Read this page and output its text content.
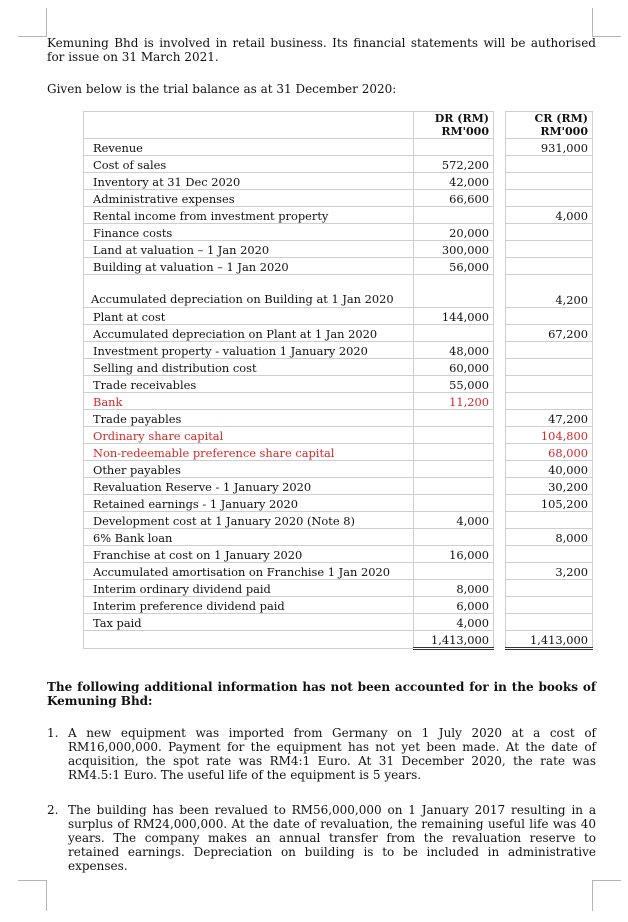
Kemuning Bhd is involved in retail business. Its financial statements will be authorised for issue on 31 March 2021.
Given below is the trial balance as at 31 December 2020:
	DR (RM)
RM'000		CR (RM)
RM'000
Revenue			931,000
Cost of sales	572,200		
Inventory at 31 Dec 2020	42,000		
Administrative expenses	66,600		
Rental income from investment property			4,000
Finance costs	20,000		
Land at valuation – 1 Jan 2020	300,000		
Building at valuation – 1 Jan 2020	56,000		
Accumulated depreciation on Building at 1 Jan 2020			4,200
Plant at cost	144,000		
Accumulated depreciation on Plant at 1 Jan 2020			67,200
Investment property - valuation 1 January 2020	48,000		
Selling and distribution cost	60,000		
Trade receivables	55,000		
Bank	11,200		
Trade payables			47,200
Ordinary share capital			104,800
Non-redeemable preference share capital			68,000
Other payables			40,000
Revaluation Reserve - 1 January 2020			30,200
Retained earnings - 1 January 2020			105,200
Development cost at 1 January 2020 (Note 8)	4,000		
6% Bank loan			8,000
Franchise at cost on 1 January 2020	16,000		
Accumulated amortisation on Franchise 1 Jan 2020			3,200
Interim ordinary dividend paid	8,000		
Interim preference dividend paid	6,000		
Tax paid	4,000		
	1,413,000		1,413,000
The following additional information has not been accounted for in the books of Kemuning Bhd:
1. A new equipment was imported from Germany on 1 July 2020 at a cost of RM16,000,000. Payment for the equipment has not yet been made. At the date of acquisition, the spot rate was RM4:1 Euro. At 31 December 2020, the rate was RM4.5:1 Euro. The useful life of the equipment is 5 years.
2. The building has been revalued to RM56,000,000 on 1 January 2017 resulting in a surplus of RM24,000,000. At the date of revaluation, the remaining useful life was 40 years. The company makes an annual transfer from the revaluation reserve to retained earnings. Depreciation on building is to be included in administrative expenses.
